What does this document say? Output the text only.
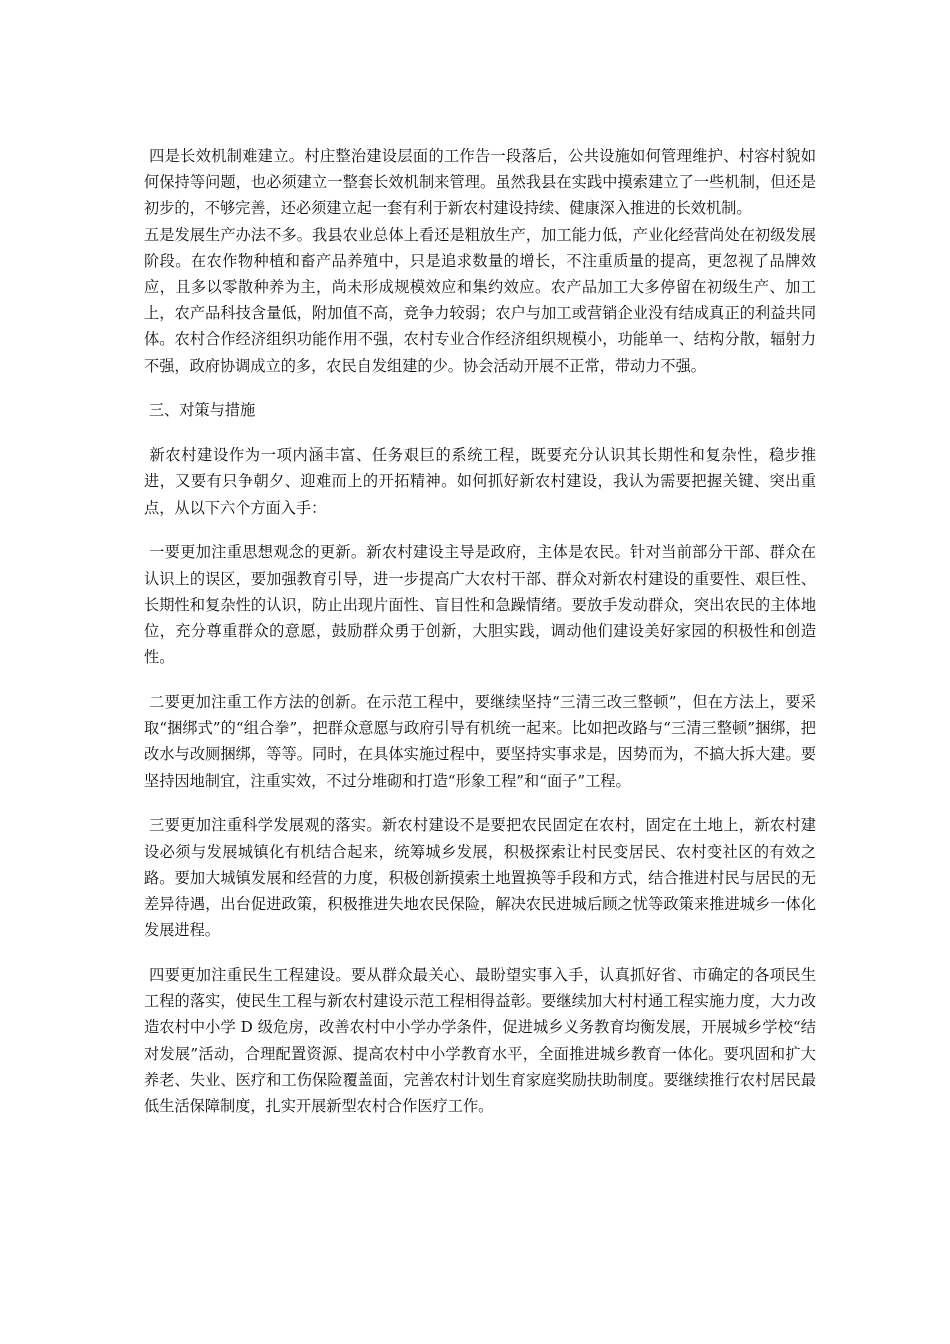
四是长效机制难建立。村庄整治建设层面的工作告一段落后，公共设施如何管理维护、村容村貌如何保持等问题，也必须建立一整套长效机制来管理。虽然我县在实践中摸索建立了一些机制，但还是初步的，不够完善，还必须建立起一套有利于新农村建设持续、健康深入推进的长效机制。

五是发展生产办法不多。我县农业总体上看还是粗放生产，加工能力低，产业化经营尚处在初级发展阶段。在农作物种植和畜产品养殖中，只是追求数量的增长，不注重质量的提高，更忽视了品牌效应，且多以零散种养为主，尚未形成规模效应和集约效应。农产品加工大多停留在初级生产、加工上，农产品科技含量低，附加值不高，竞争力较弱；农户与加工或营销企业没有结成真正的利益共同体。农村合作经济组织功能作用不强，农村专业合作经济组织规模小，功能单一、结构分散，辐射力不强，政府协调成立的多，农民自发组建的少。协会活动开展不正常，带动力不强。

三、对策与措施

新农村建设作为一项内涵丰富、任务艰巨的系统工程，既要充分认识其长期性和复杂性，稳步推进，又要有只争朝夕、迎难而上的开拓精神。如何抓好新农村建设，我认为需要把握关键、突出重点，从以下六个方面入手：

一要更加注重思想观念的更新。新农村建设主导是政府，主体是农民。针对当前部分干部、群众在认识上的误区，要加强教育引导，进一步提高广大农村干部、群众对新农村建设的重要性、艰巨性、长期性和复杂性的认识，防止出现片面性、盲目性和急躁情绪。要放手发动群众，突出农民的主体地位，充分尊重群众的意愿，鼓励群众勇于创新，大胆实践，调动他们建设美好家园的积极性和创造性。

二要更加注重工作方法的创新。在示范工程中，要继续坚持“三清三改三整顿”，但在方法上，要采取“捆绑式”的“组合拳”，把群众意愿与政府引导有机统一起来。比如把改路与“三清三整顿”捆绑，把改水与改厕捆绑，等等。同时，在具体实施过程中，要坚持实事求是，因势而为，不搞大拆大建。要坚持因地制宜，注重实效，不过分堆砌和打造“形象工程”和“面子”工程。

三要更加注重科学发展观的落实。新农村建设不是要把农民固定在农村，固定在土地上，新农村建设必须与发展城镇化有机结合起来，统筹城乡发展，积极探索让村民变居民、农村变社区的有效之路。要加大城镇发展和经营的力度，积极创新摸索土地置换等手段和方式，结合推进村民与居民的无差异待遇，出台促进政策，积极推进失地农民保险，解决农民进城后顾之忧等政策来推进城乡一体化发展进程。

四要更加注重民生工程建设。要从群众最关心、最盼望实事入手，认真抓好省、市确定的各项民生工程的落实，使民生工程与新农村建设示范工程相得益彰。要继续加大村村通工程实施力度，大力改造农村中小学 D 级危房，改善农村中小学办学条件，促进城乡义务教育均衡发展，开展城乡学校“结对发展”活动，合理配置资源、提高农村中小学教育水平，全面推进城乡教育一体化。要巩固和扩大养老、失业、医疗和工伤保险覆盖面，完善农村计划生育家庭奖励扶助制度。要继续推行农村居民最低生活保障制度，扎实开展新型农村合作医疗工作。
